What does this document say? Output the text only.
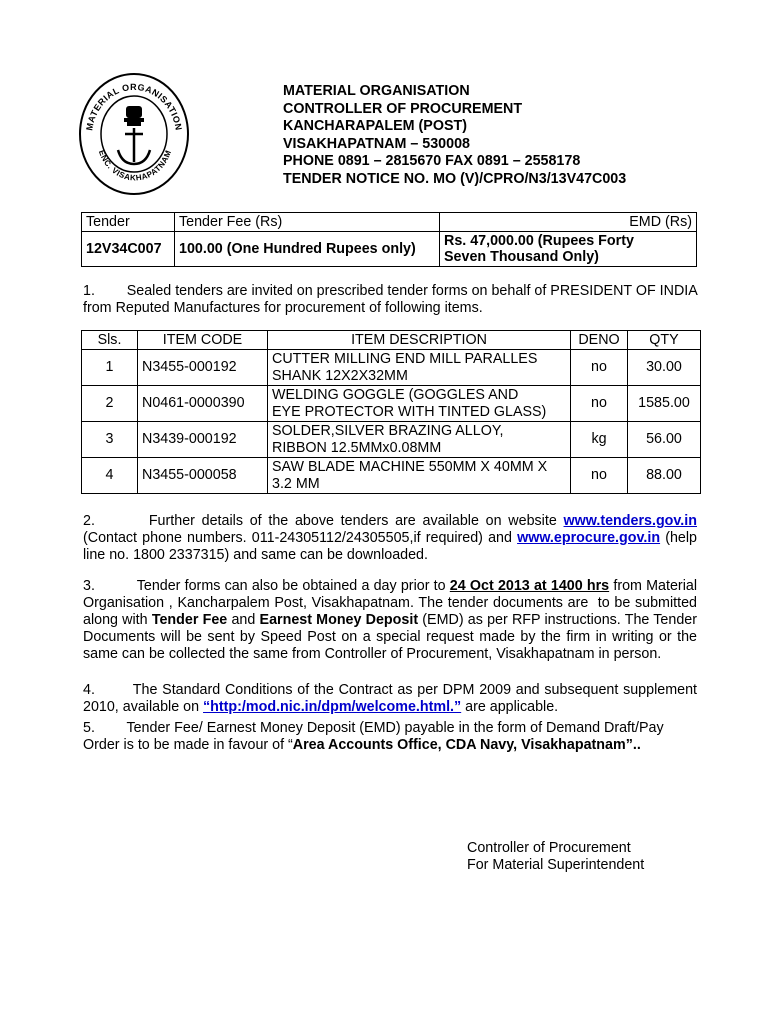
MATERIAL ORGANISATION
ENC. VISAKHAPATNAM
MATERIAL ORGANISATION
CONTROLLER OF PROCUREMENT
KANCHARAPALEM (POST)
VISAKHAPATNAM – 530008
PHONE 0891 – 2815670 FAX 0891 – 2558178
TENDER NOTICE NO. MO (V)/CPRO/N3/13V47C003
Tender	Tender Fee (Rs)	EMD (Rs)
12V34C007	100.00 (One Hundred Rupees only)	Rs. 47,000.00 (Rupees Forty
Seven Thousand Only)
1.        Sealed tenders are invited on prescribed tender forms on behalf of PRESIDENT OF INDIA from Reputed Manufactures for procurement of following items.
Sls.	ITEM CODE	ITEM DESCRIPTION	DENO	QTY
1	N3455-000192	CUTTER MILLING END MILL PARALLES
SHANK 12X2X32MM	no	30.00
2	N0461-0000390	WELDING GOGGLE (GOGGLES AND
EYE PROTECTOR WITH TINTED GLASS)	no	1585.00
3	N3439-000192	SOLDER,SILVER BRAZING ALLOY,
RIBBON 12.5MMx0.08MM	kg	56.00
4	N3455-000058	SAW BLADE MACHINE 550MM X 40MM X
3.2 MM	no	88.00
2.        Further details of the above tenders are available on website www.tenders.gov.in (Contact phone numbers. 011-24305112/24305505,if required) and www.eprocure.gov.in (help line no. 1800 2337315) and same can be downloaded.
3.          Tender forms can also be obtained a day prior to 24 Oct 2013 at 1400 hrs from Material Organisation , Kancharpalem Post, Visakhapatnam. The tender documents are  to be submitted along with Tender Fee and Earnest Money Deposit (EMD) as per RFP instructions. The Tender Documents will be sent by Speed Post on a special request made by the firm in writing or the same can be collected the same from Controller of Procurement, Visakhapatnam in person.
4.        The Standard Conditions of the Contract as per DPM 2009 and subsequent supplement 2010, available on “http:/mod.nic.in/dpm/welcome.html.” are applicable.
5.        Tender Fee/ Earnest Money Deposit (EMD) payable in the form of Demand Draft/Pay Order is to be made in favour of “Area Accounts Office, CDA Navy, Visakhapatnam”..
Controller of Procurement
For Material Superintendent
